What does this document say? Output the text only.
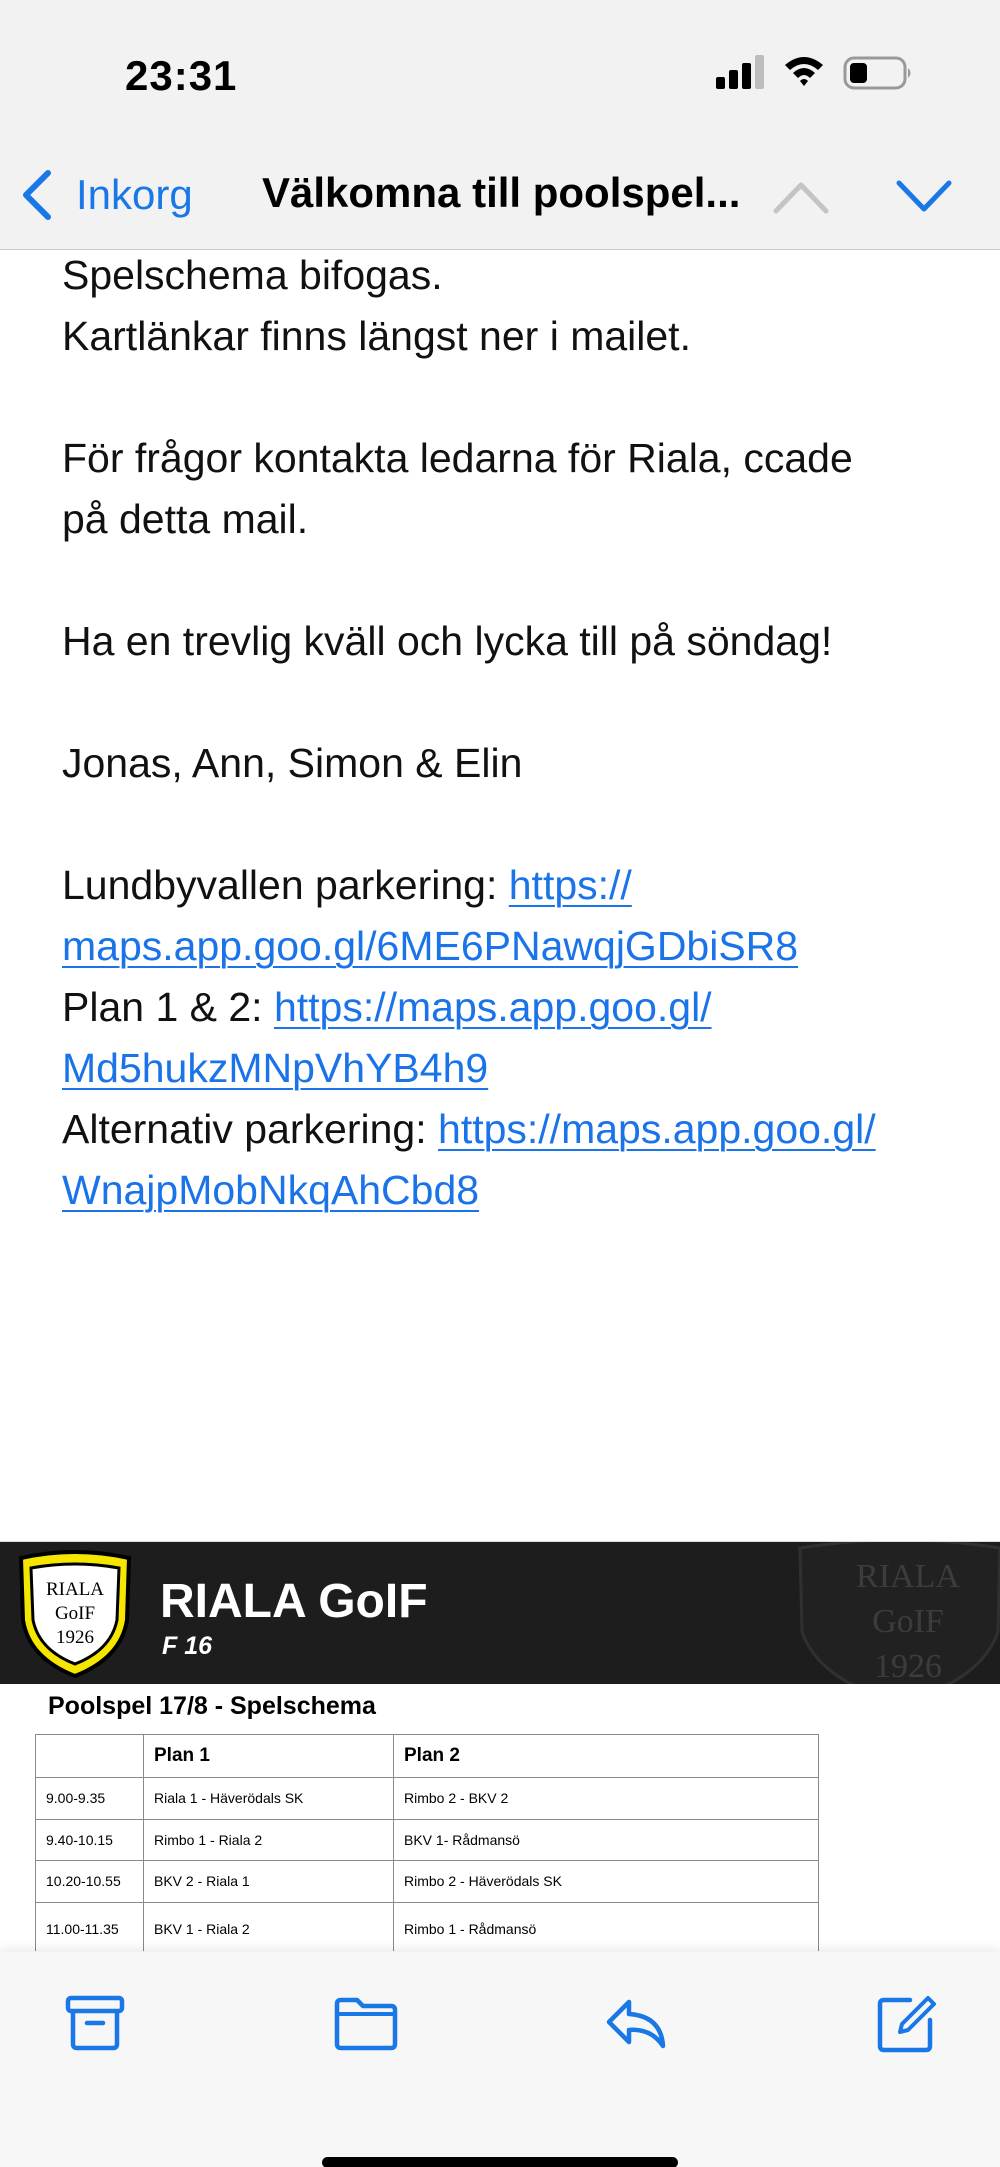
23:31
Inkorg Välkomna till poolspel...
Spelschema bifogas.
Kartlänkar finns längst ner i mailet.
För frågor kontakta ledarna för Riala, ccade
på detta mail.
Ha en trevlig kväll och lycka till på söndag!
Jonas, Ann, Simon & Elin
Lundbyvallen parkering: https://
maps.app.goo.gl/6ME6PNawqjGDbiSR8
Plan 1 & 2: https://maps.app.goo.gl/
Md5hukzMNpVhYB4h9
Alternativ parkering: https://maps.app.goo.gl/
WnajpMobNkqAhCbd8
RIALA
GoIF
1926
RIALA GoIF
F 16
RIALA
GoIF
1926
Poolspel 17/8 - Spelschema
	Plan 1	Plan 2
9.00-9.35	Riala 1 - Häverödals SK	Rimbo 2 - BKV 2
9.40-10.15	Rimbo 1 - Riala 2	BKV 1- Rådmansö
10.20-10.55	BKV 2 - Riala 1	Rimbo 2 - Häverödals SK
11.00-11.35	BKV 1 - Riala 2	Rimbo 1 - Rådmansö
